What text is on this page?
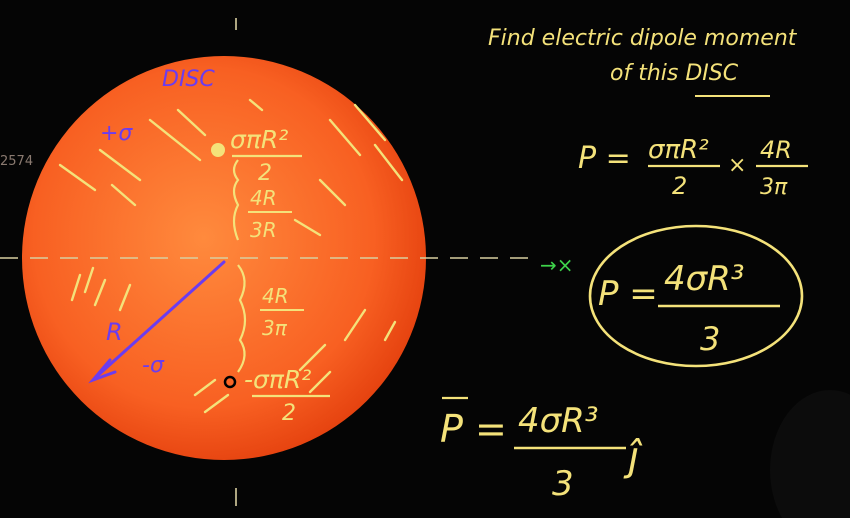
DISC
+σ
-σ
R
2574
σπR²
2
4R
3R
4R
3π
-σπR²
2
Find electric dipole moment
of this DISC
P = σπR²
2
×
4R
3π
→×
P = 4σR³
3
P = 4σR³
3
ĵ
